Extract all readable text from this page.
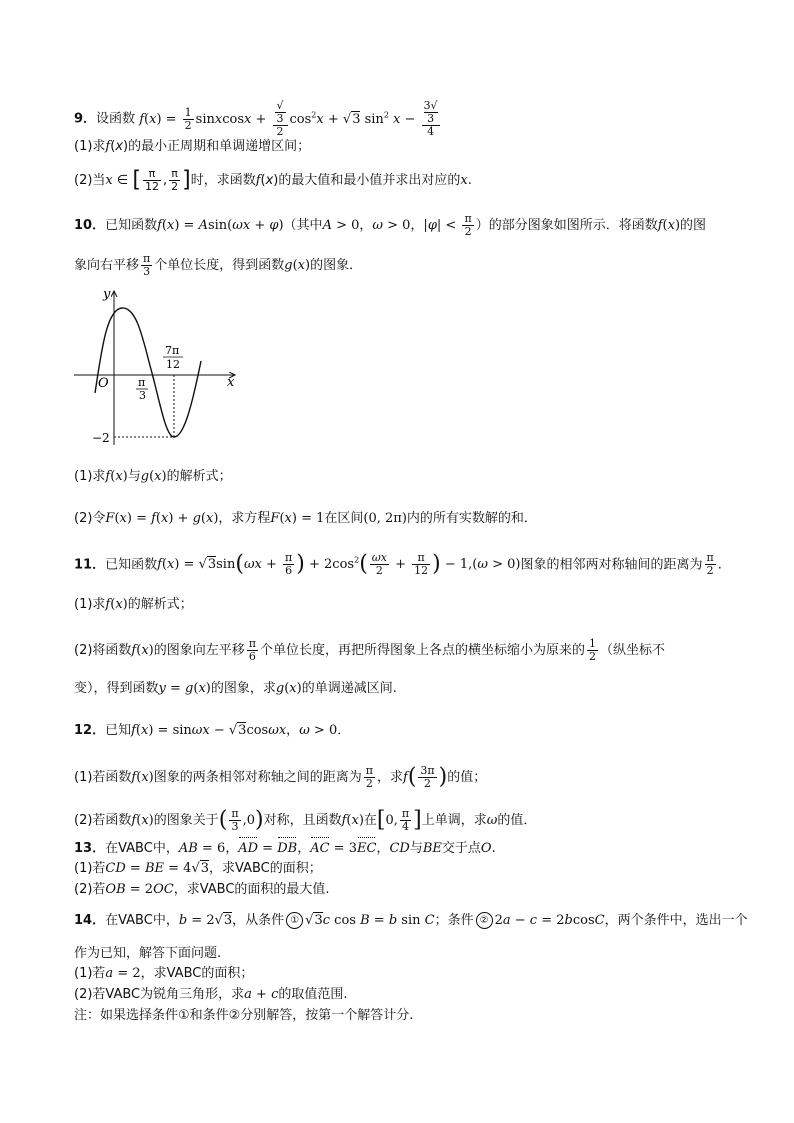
9．设函数 $f(x) = \frac{1}{2}$ sinxcosx + √
3
2 $\cos^2x + √3$ $\sin^2 x - 3√$
3
4
(1)求f(x)的最小正周期和单调递增区间；
(2)当x ∈ [ $\frac{\pi}{12}$ , $\frac{\pi}{2}$ ]时，求函数f(x)的最大值和最小值并求出对应的x.
10．已知函数f(x) = Asin(ωx + φ)（其中A > 0，ω > 0，$|\varphi| < \frac{\pi}{2}$ ）的部分图象如图所示．将函数f(x)的图
象向右平移 $\frac{\pi}{3}$ 个单位长度，得到函数g(x)的图象．
y
x
O	π
3
7π
12
−2
(1)求f(x)与g(x)的解析式；
(2)令F(x) = f(x) + g(x)，求方程F(x) = 1在区间(0, 2π)内的所有实数解的和．
11．已知函数$f(x) = √3\sin(\omega x + \frac{\pi}{6}$ ) + $2\cos^2( \frac{\omega x}{2} + \frac{\pi}{12}$ ) − 1,(ω > 0)图象的相邻两对称轴间的距离为 $\frac{\pi}{2}$ .
(1)求f(x)的解析式；
(2)将函数f(x)的图象向左平移 $\frac{\pi}{6}$ 个单位长度，再把所得图象上各点的横坐标缩小为原来的 $\frac{1}{2}$ （纵坐标不
变），得到函数y = g(x)的图象，求g(x)的单调递减区间.
12．已知f(x) = sinωx − √3cosωx，ω > 0．
(1)若函数f(x)图象的两条相邻对称轴之间的距离为 $\frac{\pi}{2}$ ，求$f( \frac{3\pi}{2}$ )的值；
(2)若函数f(x)的图象关于( $\frac{\pi}{3} ,0$)对称，且函数f(x)在[0, $\frac{\pi}{4}$ ]上单调，求ω的值．
13．在VABC中，AB = 6，AD = DB，AC = 3EC，CD与BE交于点O.
(1)若CD = BE = 4√3，求VABC的面积；
(2)若OB = 2OC，求VABC的面积的最大值.
14．在VABC中，b = 2√3，从条件 ① √3c cos B = b sin C；条件 ② 2a − c = 2bcosC，两个条件中，选出一个
作为已知，解答下面问题.
(1)若a = 2，求VABC的面积；
(2)若VABC为锐角三角形，求a + c的取值范围.
注：如果选择条件①和条件②分别解答，按第一个解答计分.
